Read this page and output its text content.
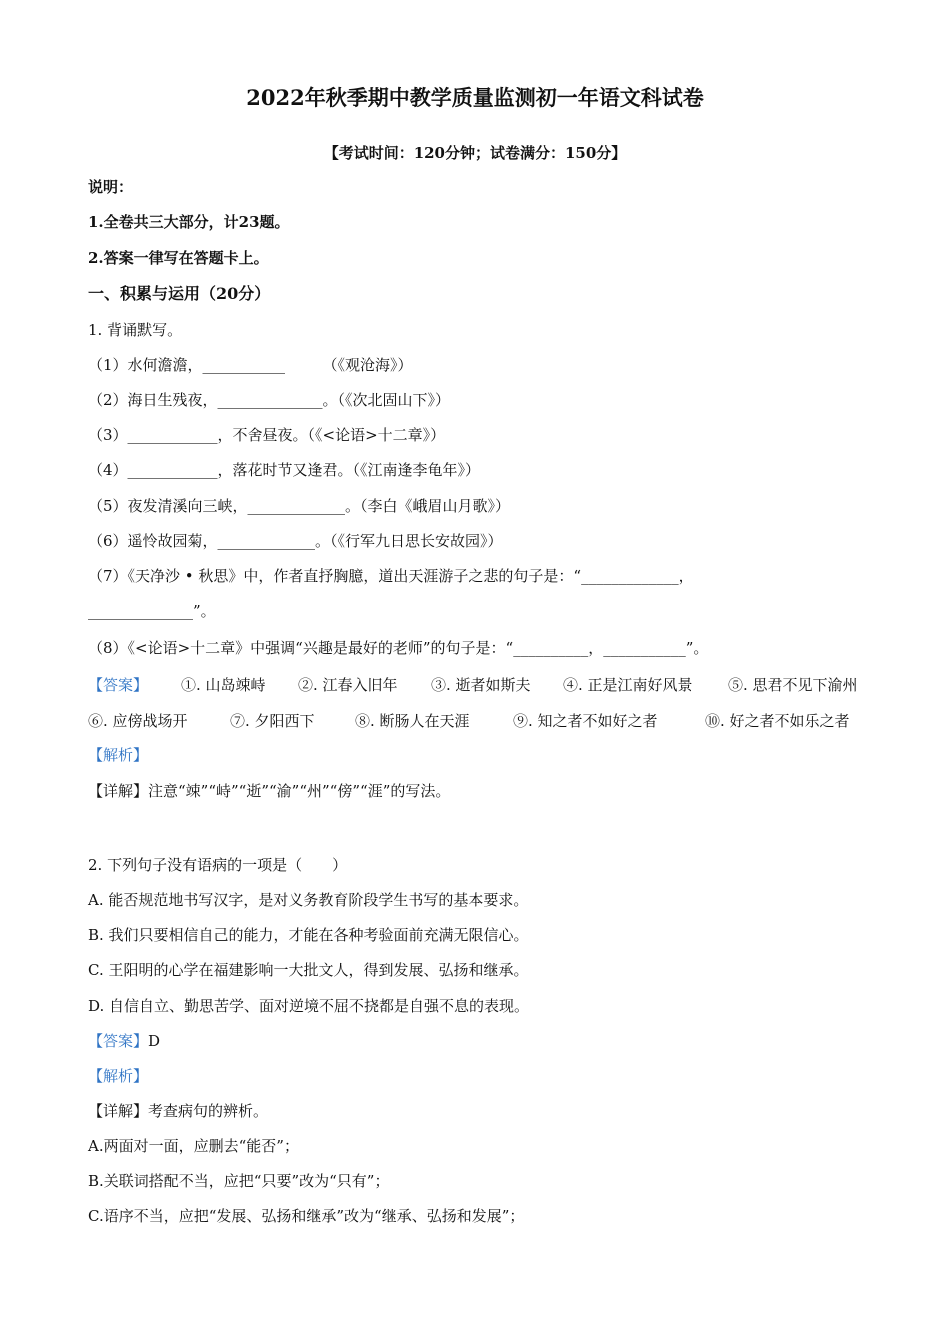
2022年秋季期中教学质量监测初一年语文科试卷
【考试时间：120分钟；试卷满分：150分】
说明：
1.全卷共三大部分，计23题。
2.答案一律写在答题卡上。
一、积累与运用（20分）
1. 背诵默写。
（1）水何澹澹，___________　　　（《观沧海》）
（2）海日生残夜，______________。（《次北固山下》）
（3）____________，不舍昼夜。（《<论语>十二章》）
（4）____________，落花时节又逢君。（《江南逢李龟年》）
（5）夜发清溪向三峡，_____________。（李白《峨眉山月歌》）
（6）遥怜故园菊，_____________。（《行军九日思长安故园》）
（7）《天净沙 • 秋思》中，作者直抒胸臆，道出天涯游子之悲的句子是：“_____________，
______________”。
（8）《<论语>十二章》中强调“兴趣是最好的老师”的句子是：“__________，___________”。
【答案】 ①. 山岛竦峙 ②. 江春入旧年 ③. 逝者如斯夫 ④. 正是江南好风景 ⑤. 思君不见下渝州
⑥. 应傍战场开	⑦. 夕阳西下	⑧. 断肠人在天涯	⑨. 知之者不如好之者	⑩. 好之者不如乐之者
【解析】
【详解】注意“竦”“峙”“逝”“渝”“州”“傍”“涯”的写法。
2. 下列句子没有语病的一项是（　　）
A. 能否规范地书写汉字，是对义务教育阶段学生书写的基本要求。
B. 我们只要相信自己的能力，才能在各种考验面前充满无限信心。
C. 王阳明的心学在福建影响一大批文人，得到发展、弘扬和继承。
D. 自信自立、勤思苦学、面对逆境不屈不挠都是自强不息的表现。
【答案】D
【解析】
【详解】考查病句的辨析。
A.两面对一面，应删去“能否”；
B.关联词搭配不当，应把“只要”改为“只有”；
C.语序不当，应把“发展、弘扬和继承”改为“继承、弘扬和发展”；
